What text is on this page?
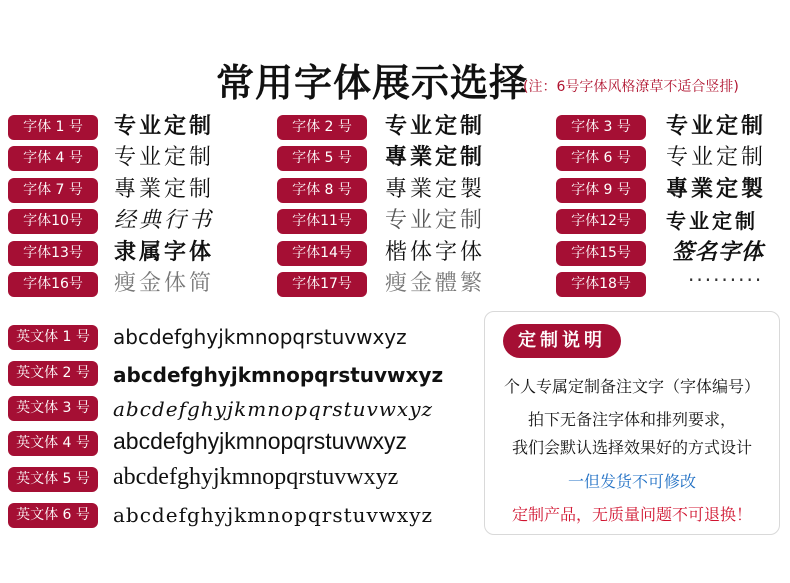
常用字体展示选择
(注：6号字体风格潦草不适合竖排)
字体 1 号	专业定制
字体 4 号	专业定制
字体 7 号	專業定制
字体10号	经典行书
字体13号	隶属字体
字体16号	瘦金体简
字体 2 号	专业定制
字体 5 号	專業定制
字体 8 号	專業定製
字体11号	专业定制
字体14号	楷体字体
字体17号	瘦金體繁
字体 3 号	专业定制
字体 6 号	专业定制
字体 9 号	專業定製
字体12号	专业定制
字体15号	签名字体
字体18号	·········
英文体 1 号	abcdefghyjkmnopqrstuvwxyz
英文体 2 号	abcdefghyjkmnopqrstuvwxyz
英文体 3 号	abcdefghyjkmnopqrstuvwxyz
英文体 4 号	abcdefghyjkmnopqrstuvwxyz
英文体 5 号 abcdefghyjkmnopqrstuvwxyz
英文体 6 号	abcdefghyjkmnopqrstuvwxyz
定制说明
个人专属定制备注文字（字体编号）
拍下无备注字体和排列要求，
我们会默认选择效果好的方式设计
一但发货不可修改
定制产品，无质量问题不可退换！
